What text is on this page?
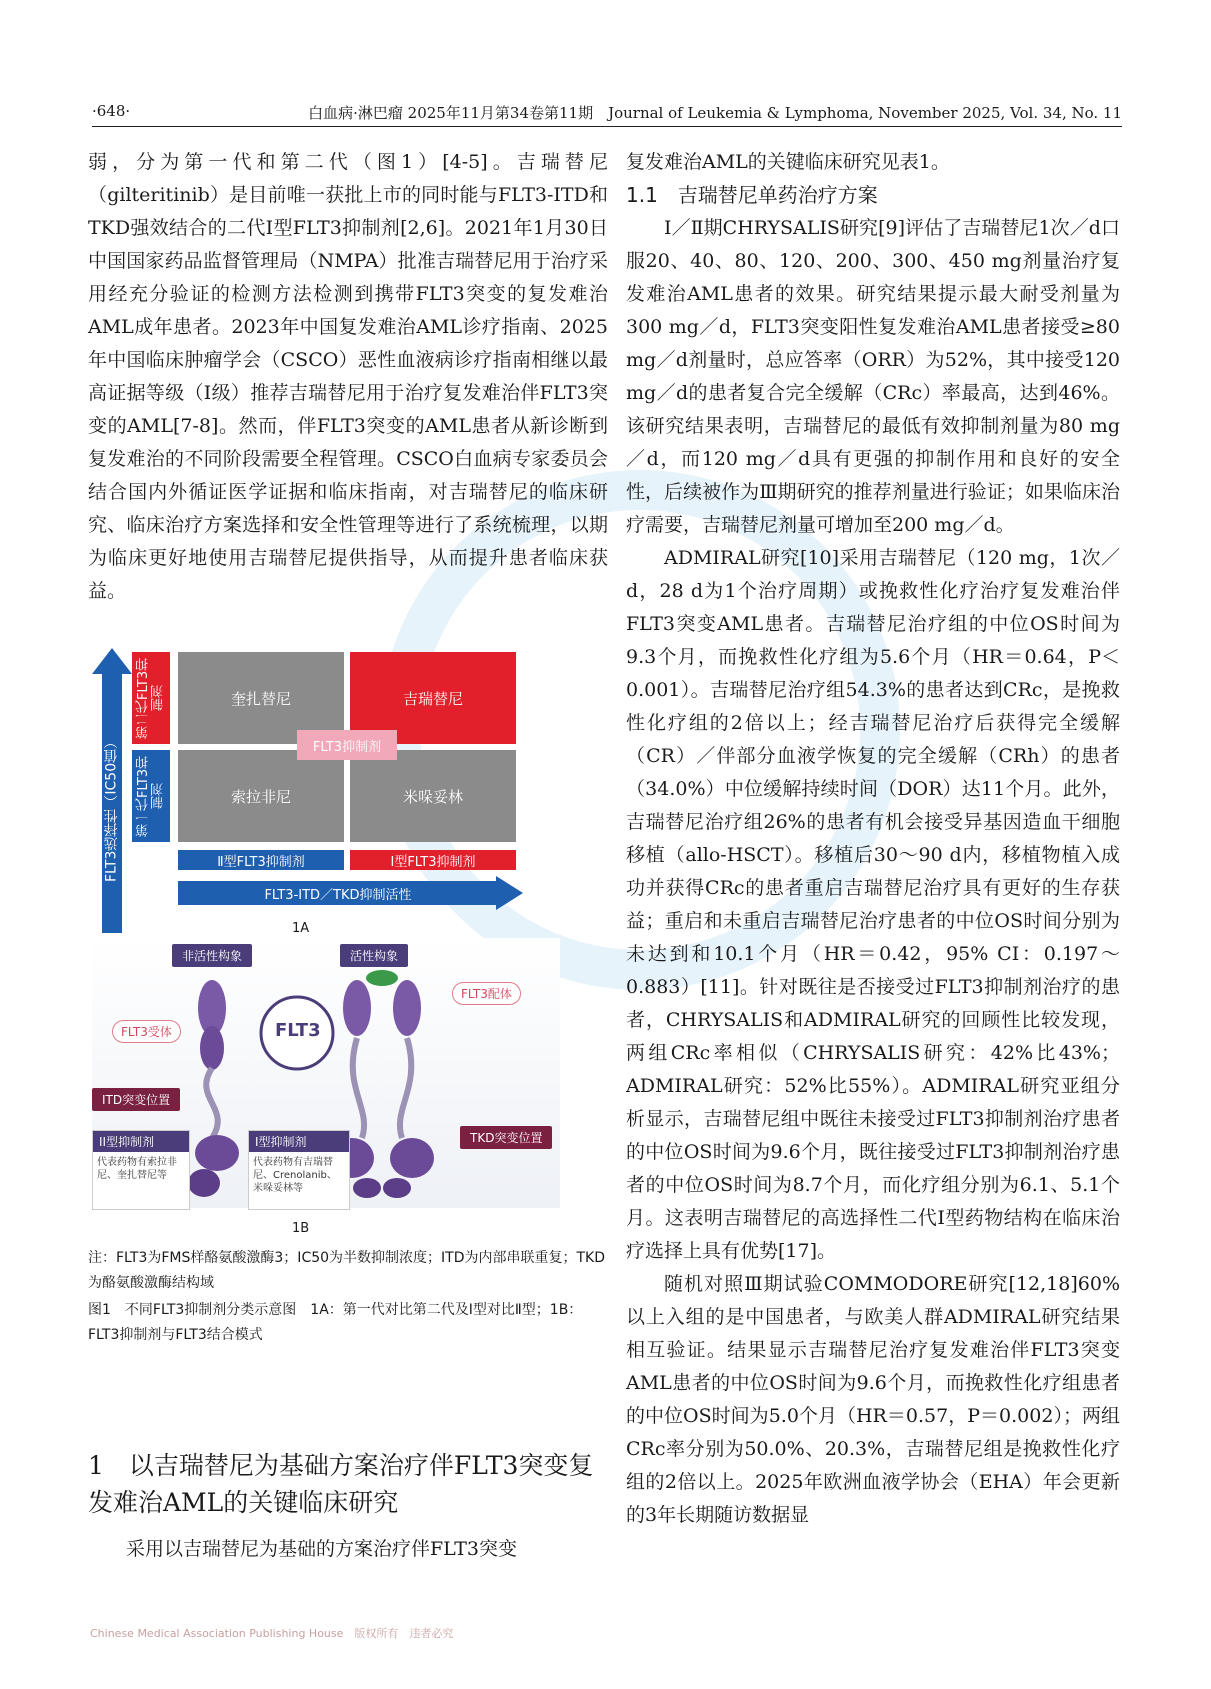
·648·	白血病·淋巴瘤 2025年11月第34卷第11期　Journal of Leukemia & Lymphoma, November 2025, Vol. 34, No. 11

弱，分为第一代和第二代（图1）[4-5]。吉瑞替尼（gilteritinib）是目前唯一获批上市的同时能与FLT3-ITD和TKD强效结合的二代Ⅰ型FLT3抑制剂[2,6]。2021年1月30日中国国家药品监督管理局（NMPA）批准吉瑞替尼用于治疗采用经充分验证的检测方法检测到携带FLT3突变的复发难治AML成年患者。2023年中国复发难治AML诊疗指南、2025年中国临床肿瘤学会（CSCO）恶性血液病诊疗指南相继以最高证据等级（Ⅰ级）推荐吉瑞替尼用于治疗复发难治伴FLT3突变的AML[7-8]。然而，伴FLT3突变的AML患者从新诊断到复发难治的不同阶段需要全程管理。CSCO白血病专家委员会结合国内外循证医学证据和临床指南，对吉瑞替尼的临床研究、临床治疗方案选择和安全性管理等进行了系统梳理，以期为临床更好地使用吉瑞替尼提供指导，从而提升患者临床获益。

FLT3选择性（IC50值）
第二代FLT3抑制剂
第一代FLT3抑制剂
奎扎替尼	吉瑞替尼
索拉非尼	米哚妥林
FLT3抑制剂
Ⅱ型FLT3抑制剂	Ⅰ型FLT3抑制剂
FLT3-ITD／TKD抑制活性
1A
非活性构象	活性构象
FLT3
FLT3配体
FLT3受体
ITD突变位置
TKD突变位置
II型抑制剂
代表药物有索拉非尼、奎扎替尼等
I型抑制剂
代表药物有吉瑞替尼、Crenolanib、米哚妥林等
1B
注：FLT3为FMS样酪氨酸激酶3；IC50为半数抑制浓度；ITD为内部串联重复；TKD为酪氨酸激酶结构域
图1　不同FLT3抑制剂分类示意图　1A：第一代对比第二代及Ⅰ型对比Ⅱ型；1B：FLT3抑制剂与FLT3结合模式
1　以吉瑞替尼为基础方案治疗伴FLT3突变复发难治AML的关键临床研究
采用以吉瑞替尼为基础的方案治疗伴FLT3突变

复发难治AML的关键临床研究见表1。

1.1　吉瑞替尼单药治疗方案

Ⅰ／Ⅱ期CHRYSALIS研究[9]评估了吉瑞替尼1次／d口服20、40、80、120、200、300、450 mg剂量治疗复发难治AML患者的效果。研究结果提示最大耐受剂量为300 mg／d，FLT3突变阳性复发难治AML患者接受≥80 mg／d剂量时，总应答率（ORR）为52%，其中接受120 mg／d的患者复合完全缓解（CRc）率最高，达到46%。该研究结果表明，吉瑞替尼的最低有效抑制剂量为80 mg／d，而120 mg／d具有更强的抑制作用和良好的安全性，后续被作为Ⅲ期研究的推荐剂量进行验证；如果临床治疗需要，吉瑞替尼剂量可增加至200 mg／d。

ADMIRAL研究[10]采用吉瑞替尼（120 mg，1次／d，28 d为1个治疗周期）或挽救性化疗治疗复发难治伴FLT3突变AML患者。吉瑞替尼治疗组的中位OS时间为9.3个月，而挽救性化疗组为5.6个月（HR＝0.64，P＜0.001）。吉瑞替尼治疗组54.3%的患者达到CRc，是挽救性化疗组的2倍以上；经吉瑞替尼治疗后获得完全缓解（CR）／伴部分血液学恢复的完全缓解（CRh）的患者（34.0%）中位缓解持续时间（DOR）达11个月。此外，吉瑞替尼治疗组26%的患者有机会接受异基因造血干细胞移植（allo-HSCT）。移植后30～90 d内，移植物植入成功并获得CRc的患者重启吉瑞替尼治疗具有更好的生存获益；重启和未重启吉瑞替尼治疗患者的中位OS时间分别为未达到和10.1个月（HR＝0.42，95% CI：0.197～0.883）[11]。针对既往是否接受过FLT3抑制剂治疗的患者，CHRYSALIS和ADMIRAL研究的回顾性比较发现，两组CRc率相似（CHRYSALIS研究：42%比43%；ADMIRAL研究：52%比55%）。ADMIRAL研究亚组分析显示，吉瑞替尼组中既往未接受过FLT3抑制剂治疗患者的中位OS时间为9.6个月，既往接受过FLT3抑制剂治疗患者的中位OS时间为8.7个月，而化疗组分别为6.1、5.1个月。这表明吉瑞替尼的高选择性二代Ⅰ型药物结构在临床治疗选择上具有优势[17]。

随机对照Ⅲ期试验COMMODORE研究[12,18]60%以上入组的是中国患者，与欧美人群ADMIRAL研究结果相互验证。结果显示吉瑞替尼治疗复发难治伴FLT3突变AML患者的中位OS时间为9.6个月，而挽救性化疗组患者的中位OS时间为5.0个月（HR＝0.57，P＝0.002）；两组CRc率分别为50.0%、20.3%，吉瑞替尼组是挽救性化疗组的2倍以上。2025年欧洲血液学协会（EHA）年会更新的3年长期随访数据显

Chinese Medical Association Publishing House　版权所有　违者必究
